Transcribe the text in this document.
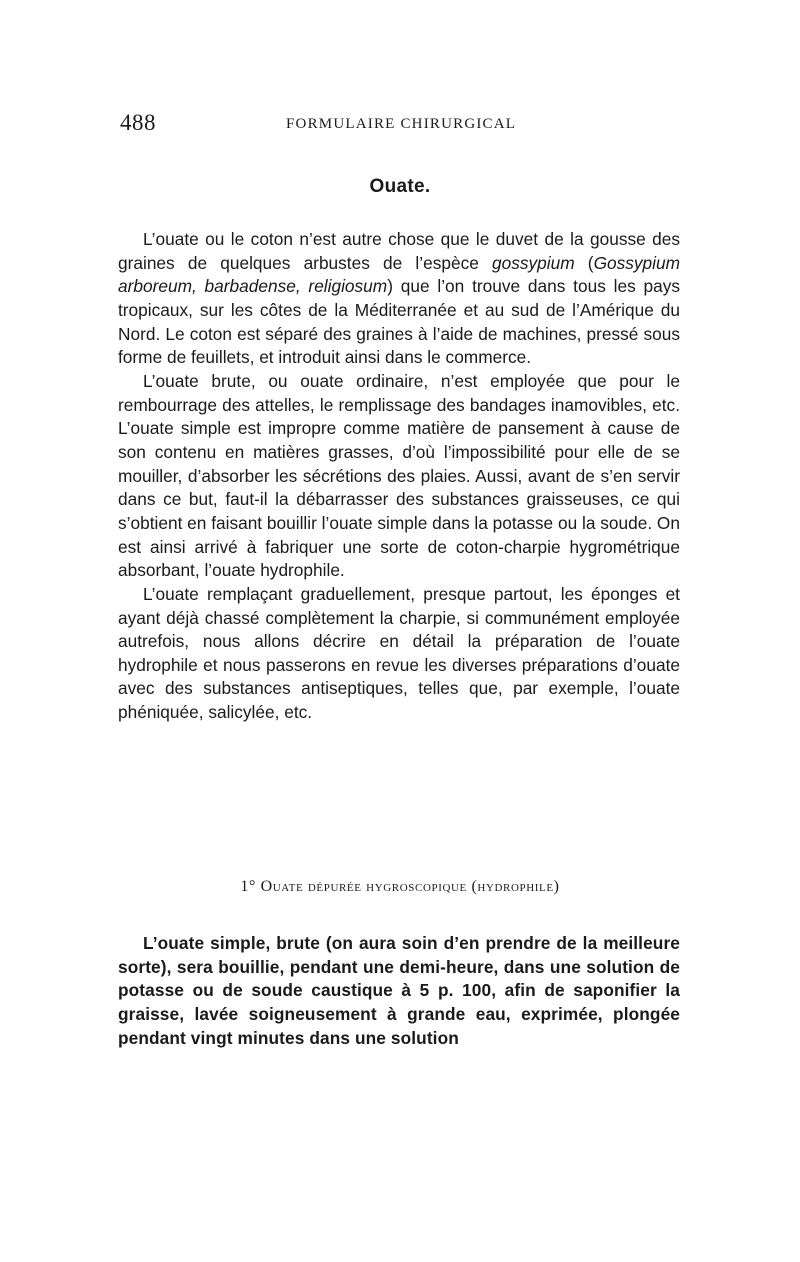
488	FORMULAIRE CHIRURGICAL
Ouate.

L’ouate ou le coton n’est autre chose que le duvet de la gousse des graines de quelques arbustes de l’espèce gossypium (Gossypium arboreum, barbadense, religiosum) que l’on trouve dans tous les pays tropicaux, sur les côtes de la Méditerranée et au sud de l’Amérique du Nord. Le coton est séparé des graines à l’aide de machines, pressé sous forme de feuillets, et introduit ainsi dans le commerce.

L’ouate brute, ou ouate ordinaire, n’est employée que pour le rembourrage des attelles, le remplissage des bandages inamovibles, etc. L’ouate simple est impropre comme matière de pansement à cause de son contenu en matières grasses, d’où l’impossibilité pour elle de se mouiller, d’absorber les sécrétions des plaies. Aussi, avant de s’en servir dans ce but, faut-il la débarrasser des substances graisseuses, ce qui s’obtient en faisant bouillir l’ouate simple dans la potasse ou la soude. On est ainsi arrivé à fabriquer une sorte de coton-charpie hygrométrique absorbant, l’ouate hydrophile.

L’ouate remplaçant graduellement, presque partout, les éponges et ayant déjà chassé complètement la charpie, si communément employée autrefois, nous allons décrire en détail la préparation de l’ouate hydrophile et nous passerons en revue les diverses préparations d’ouate avec des substances antiseptiques, telles que, par exemple, l’ouate phéniquée, salicylée, etc.

1° Ouate dépurée hygroscopique (hydrophile)

L’ouate simple, brute (on aura soin d’en prendre de la meilleure sorte), sera bouillie, pendant une demi-heure, dans une solution de potasse ou de soude caustique à 5 p. 100, afin de saponifier la graisse, lavée soigneusement à grande eau, exprimée, plongée pendant vingt minutes dans une solution
